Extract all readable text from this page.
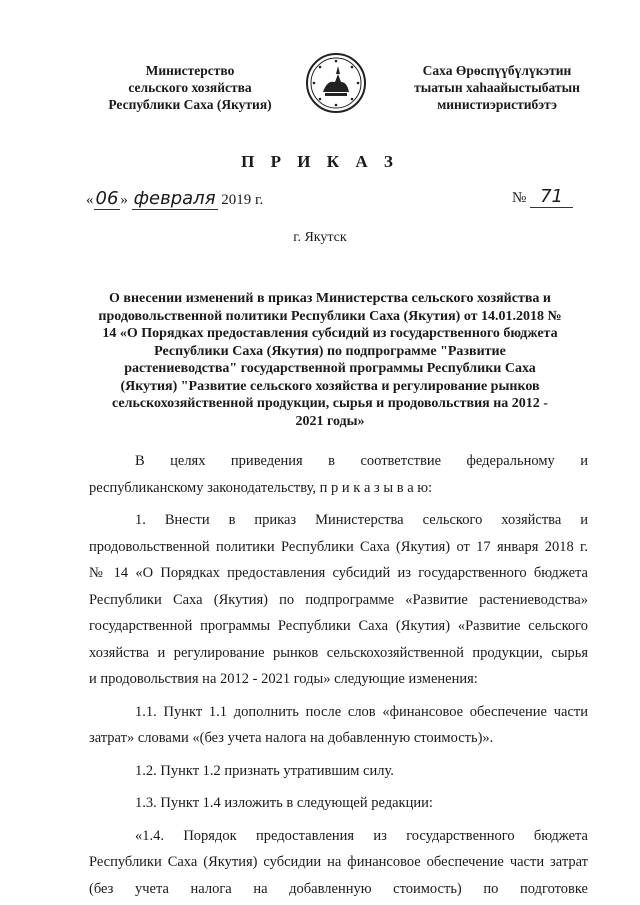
Министерство
сельского хозяйства
Республики Саха (Якутия)
Саха Өрөспүүбүлүкэтин
тыатын хаһаайыстыбатын
министиэристибэтэ
П Р И К А З
« 06 » февраля 2019 г.	№ 71
г. Якутск
О внесении изменений в приказ Министерства сельского хозяйства и продовольственной политики Республики Саха (Якутия) от 14.01.2018 № 14 «О Порядках предоставления субсидий из государственного бюджета Республики Саха (Якутия) по подпрограмме "Развитие растениеводства" государственной программы Республики Саха (Якутия) "Развитие сельского хозяйства и регулирование рынков сельскохозяйственной продукции, сырья и продовольствия на 2012 - 2021 годы»

В целях приведения в соответствие федеральному и

республиканскому законодательству, п р и к а з ы в а ю:

1. Внести в приказ Министерства сельского хозяйства и

продовольственной политики Республики Саха (Якутия) от 17 января 2018 г.

№ 14 «О Порядках предоставления субсидий из государственного бюджета

Республики Саха (Якутия) по подпрограмме «Развитие растениеводства»

государственной программы Республики Саха (Якутия) «Развитие сельского

хозяйства и регулирование рынков сельскохозяйственной продукции, сырья

и продовольствия на 2012 - 2021 годы» следующие изменения:

1.1. Пункт 1.1 дополнить после слов «финансовое обеспечение части

затрат» словами «(без учета налога на добавленную стоимость)».

1.2. Пункт 1.2 признать утратившим силу.

1.3. Пункт 1.4 изложить в следующей редакции:

«1.4. Порядок предоставления из государственного бюджета

Республики Саха (Якутия) субсидии на финансовое обеспечение части затрат

(без учета налога на добавленную стоимость) по подготовке
